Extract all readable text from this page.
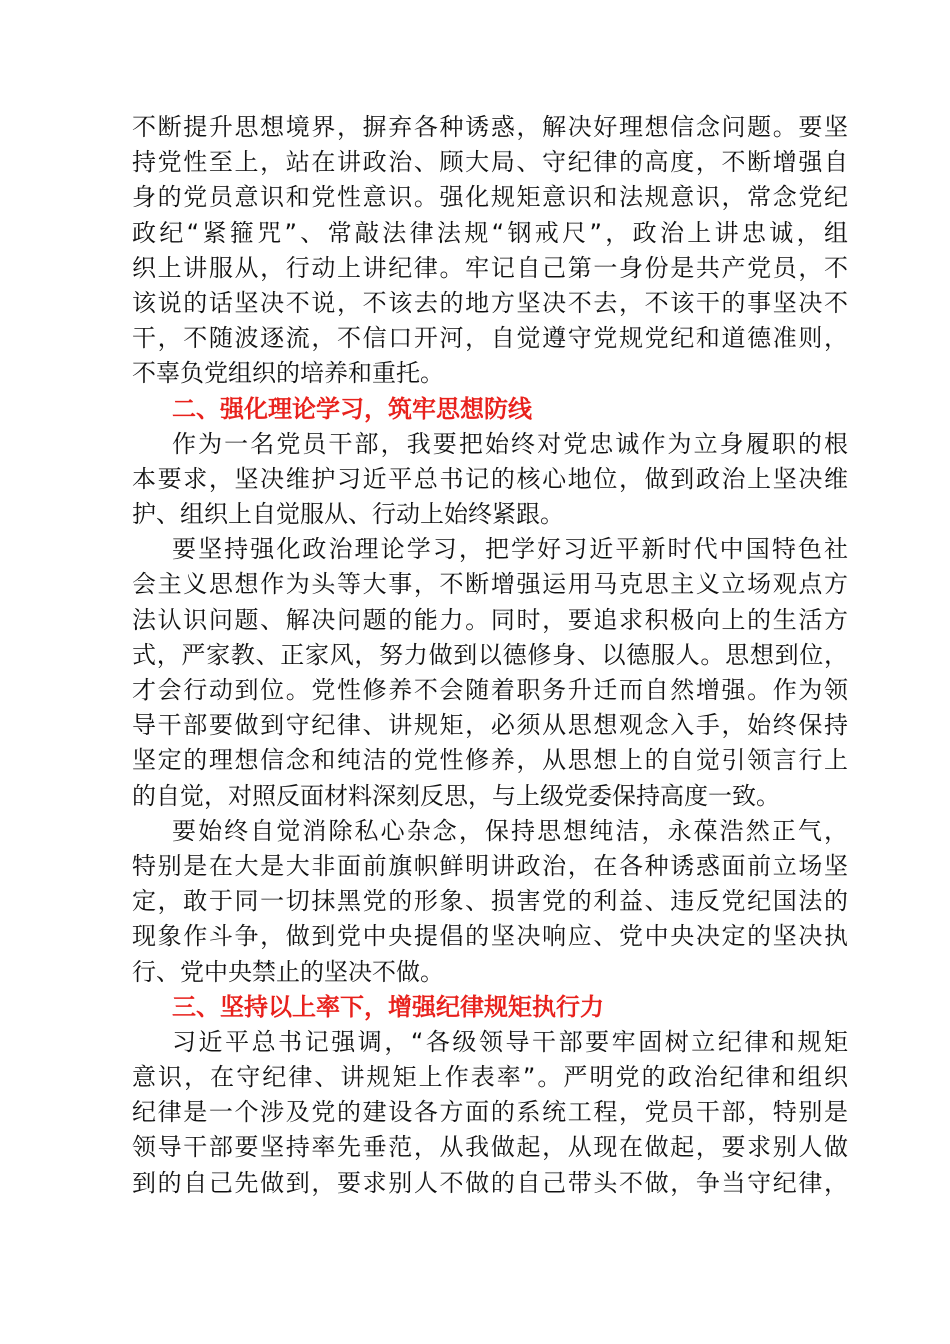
不断提升思想境界，摒弃各种诱惑，解决好理想信念问题。要坚
持党性至上，站在讲政治、顾大局、守纪律的高度，不断增强自
身的党员意识和党性意识。强化规矩意识和法规意识，常念党纪
政纪“紧箍咒”、常敲法律法规“钢戒尺”，政治上讲忠诚，组
织上讲服从，行动上讲纪律。牢记自己第一身份是共产党员，不
该说的话坚决不说，不该去的地方坚决不去，不该干的事坚决不
干，不随波逐流，不信口开河，自觉遵守党规党纪和道德准则，
不辜负党组织的培养和重托。
二、强化理论学习，筑牢思想防线
作为一名党员干部，我要把始终对党忠诚作为立身履职的根
本要求，坚决维护习近平总书记的核心地位，做到政治上坚决维
护、组织上自觉服从、行动上始终紧跟。
要坚持强化政治理论学习，把学好习近平新时代中国特色社
会主义思想作为头等大事，不断增强运用马克思主义立场观点方
法认识问题、解决问题的能力。同时，要追求积极向上的生活方
式，严家教、正家风，努力做到以德修身、以德服人。思想到位，
才会行动到位。党性修养不会随着职务升迁而自然增强。作为领
导干部要做到守纪律、讲规矩，必须从思想观念入手，始终保持
坚定的理想信念和纯洁的党性修养，从思想上的自觉引领言行上
的自觉，对照反面材料深刻反思，与上级党委保持高度一致。
要始终自觉消除私心杂念，保持思想纯洁，永葆浩然正气，
特别是在大是大非面前旗帜鲜明讲政治，在各种诱惑面前立场坚
定，敢于同一切抹黑党的形象、损害党的利益、违反党纪国法的
现象作斗争，做到党中央提倡的坚决响应、党中央决定的坚决执
行、党中央禁止的坚决不做。
三、坚持以上率下，增强纪律规矩执行力
习近平总书记强调，“各级领导干部要牢固树立纪律和规矩
意识，在守纪律、讲规矩上作表率”。严明党的政治纪律和组织
纪律是一个涉及党的建设各方面的系统工程，党员干部，特别是
领导干部要坚持率先垂范，从我做起，从现在做起，要求别人做
到的自己先做到，要求别人不做的自己带头不做，争当守纪律，
